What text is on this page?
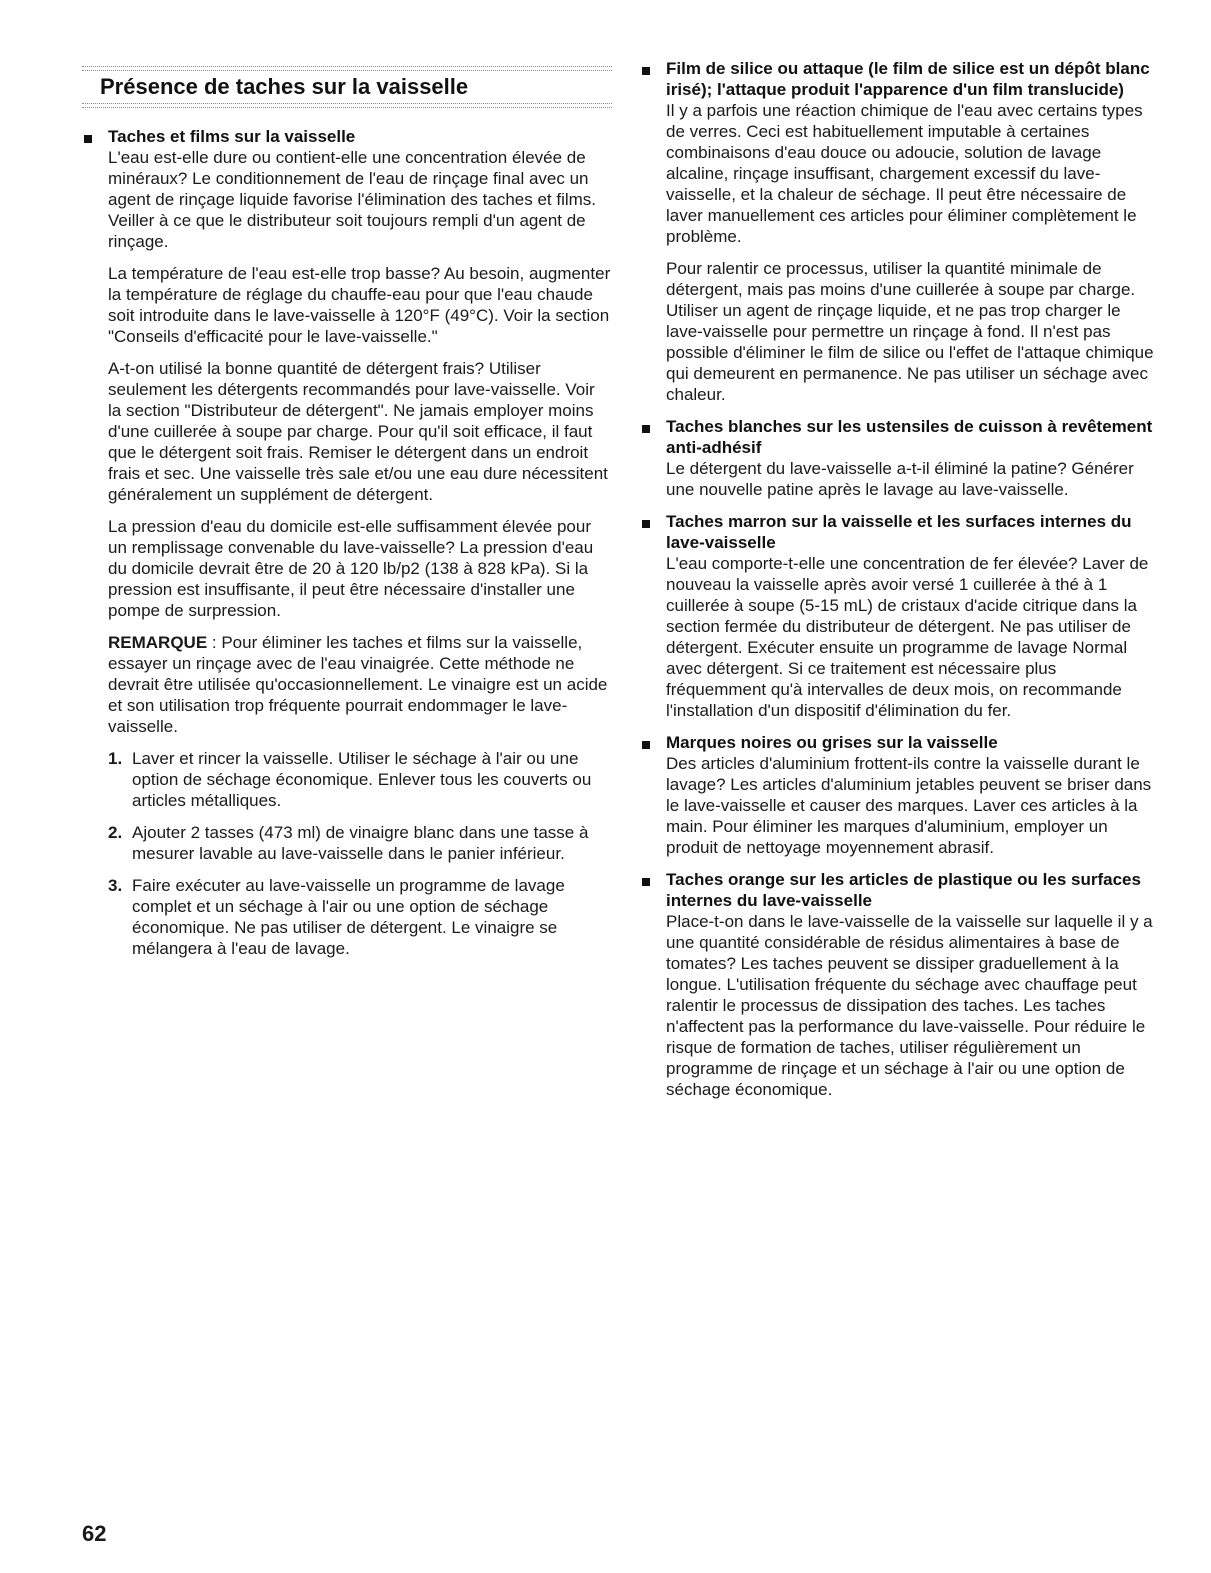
Présence de taches sur la vaisselle
Taches et films sur la vaisselle

L'eau est-elle dure ou contient-elle une concentration élevée de minéraux? Le conditionnement de l'eau de rinçage final avec un agent de rinçage liquide favorise l'élimination des taches et films. Veiller à ce que le distributeur soit toujours rempli d'un agent de rinçage.

La température de l'eau est-elle trop basse? Au besoin, augmenter la température de réglage du chauffe-eau pour que l'eau chaude soit introduite dans le lave-vaisselle à 120°F (49°C). Voir la section "Conseils d'efficacité pour le lave-vaisselle."

A-t-on utilisé la bonne quantité de détergent frais? Utiliser seulement les détergents recommandés pour lave-vaisselle. Voir la section "Distributeur de détergent". Ne jamais employer moins d'une cuillerée à soupe par charge. Pour qu'il soit efficace, il faut que le détergent soit frais. Remiser le détergent dans un endroit frais et sec. Une vaisselle très sale et/ou une eau dure nécessitent généralement un supplément de détergent.

La pression d'eau du domicile est-elle suffisamment élevée pour un remplissage convenable du lave-vaisselle? La pression d'eau du domicile devrait être de 20 à 120 lb/p2 (138 à 828 kPa). Si la pression est insuffisante, il peut être nécessaire d'installer une pompe de surpression.

REMARQUE : Pour éliminer les taches et films sur la vaisselle, essayer un rinçage avec de l'eau vinaigrée. Cette méthode ne devrait être utilisée qu'occasionnellement. Le vinaigre est un acide et son utilisation trop fréquente pourrait endommager le lave-vaisselle.

1. Laver et rincer la vaisselle. Utiliser le séchage à l'air ou une option de séchage économique. Enlever tous les couverts ou articles métalliques.
2. Ajouter 2 tasses (473 ml) de vinaigre blanc dans une tasse à mesurer lavable au lave-vaisselle dans le panier inférieur.
3. Faire exécuter au lave-vaisselle un programme de lavage complet et un séchage à l'air ou une option de séchage économique. Ne pas utiliser de détergent. Le vinaigre se mélangera à l'eau de lavage.
Film de silice ou attaque (le film de silice est un dépôt blanc irisé); l'attaque produit l'apparence d'un film translucide)

Il y a parfois une réaction chimique de l'eau avec certains types de verres. Ceci est habituellement imputable à certaines combinaisons d'eau douce ou adoucie, solution de lavage alcaline, rinçage insuffisant, chargement excessif du lave-vaisselle, et la chaleur de séchage. Il peut être nécessaire de laver manuellement ces articles pour éliminer complètement le problème.

Pour ralentir ce processus, utiliser la quantité minimale de détergent, mais pas moins d'une cuillerée à soupe par charge. Utiliser un agent de rinçage liquide, et ne pas trop charger le lave-vaisselle pour permettre un rinçage à fond. Il n'est pas possible d'éliminer le film de silice ou l'effet de l'attaque chimique qui demeurent en permanence. Ne pas utiliser un séchage avec chaleur.

Taches blanches sur les ustensiles de cuisson à revêtement anti-adhésif

Le détergent du lave-vaisselle a-t-il éliminé la patine? Générer une nouvelle patine après le lavage au lave-vaisselle.

Taches marron sur la vaisselle et les surfaces internes du lave-vaisselle

L'eau comporte-t-elle une concentration de fer élevée? Laver de nouveau la vaisselle après avoir versé 1 cuillerée à thé à 1 cuillerée à soupe (5-15 mL) de cristaux d'acide citrique dans la section fermée du distributeur de détergent. Ne pas utiliser de détergent. Exécuter ensuite un programme de lavage Normal avec détergent. Si ce traitement est nécessaire plus fréquemment qu'à intervalles de deux mois, on recommande l'installation d'un dispositif d'élimination du fer.

Marques noires ou grises sur la vaisselle

Des articles d'aluminium frottent-ils contre la vaisselle durant le lavage? Les articles d'aluminium jetables peuvent se briser dans le lave-vaisselle et causer des marques. Laver ces articles à la main. Pour éliminer les marques d'aluminium, employer un produit de nettoyage moyennement abrasif.

Taches orange sur les articles de plastique ou les surfaces internes du lave-vaisselle

Place-t-on dans le lave-vaisselle de la vaisselle sur laquelle il y a une quantité considérable de résidus alimentaires à base de tomates? Les taches peuvent se dissiper graduellement à la longue. L'utilisation fréquente du séchage avec chauffage peut ralentir le processus de dissipation des taches. Les taches n'affectent pas la performance du lave-vaisselle. Pour réduire le risque de formation de taches, utiliser régulièrement un programme de rinçage et un séchage à l'air ou une option de séchage économique.

62
